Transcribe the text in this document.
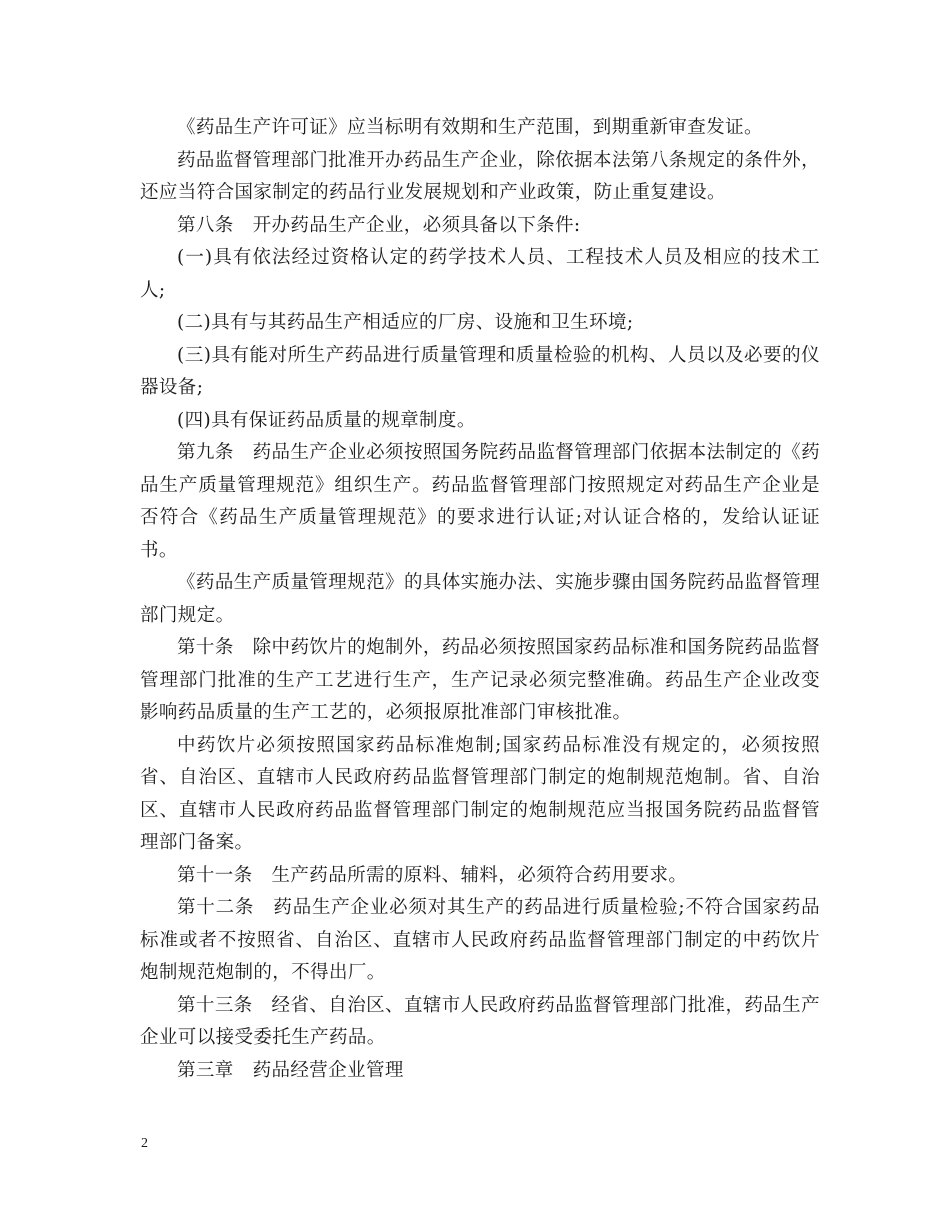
《药品生产许可证》应当标明有效期和生产范围，到期重新审查发证。

药品监督管理部门批准开办药品生产企业，除依据本法第八条规定的条件外，还应当符合国家制定的药品行业发展规划和产业政策，防止重复建设。

第八条　开办药品生产企业，必须具备以下条件:

(一)具有依法经过资格认定的药学技术人员、工程技术人员及相应的技术工人;

(二)具有与其药品生产相适应的厂房、设施和卫生环境;

(三)具有能对所生产药品进行质量管理和质量检验的机构、人员以及必要的仪器设备;

(四)具有保证药品质量的规章制度。

第九条　药品生产企业必须按照国务院药品监督管理部门依据本法制定的《药品生产质量管理规范》组织生产。药品监督管理部门按照规定对药品生产企业是否符合《药品生产质量管理规范》的要求进行认证;对认证合格的，发给认证证书。

《药品生产质量管理规范》的具体实施办法、实施步骤由国务院药品监督管理部门规定。

第十条　除中药饮片的炮制外，药品必须按照国家药品标准和国务院药品监督管理部门批准的生产工艺进行生产，生产记录必须完整准确。药品生产企业改变影响药品质量的生产工艺的，必须报原批准部门审核批准。

中药饮片必须按照国家药品标准炮制;国家药品标准没有规定的，必须按照省、自治区、直辖市人民政府药品监督管理部门制定的炮制规范炮制。省、自治区、直辖市人民政府药品监督管理部门制定的炮制规范应当报国务院药品监督管理部门备案。

第十一条　生产药品所需的原料、辅料，必须符合药用要求。

第十二条　药品生产企业必须对其生产的药品进行质量检验;不符合国家药品标准或者不按照省、自治区、直辖市人民政府药品监督管理部门制定的中药饮片炮制规范炮制的，不得出厂。

第十三条　经省、自治区、直辖市人民政府药品监督管理部门批准，药品生产企业可以接受委托生产药品。

第三章　药品经营企业管理

2
